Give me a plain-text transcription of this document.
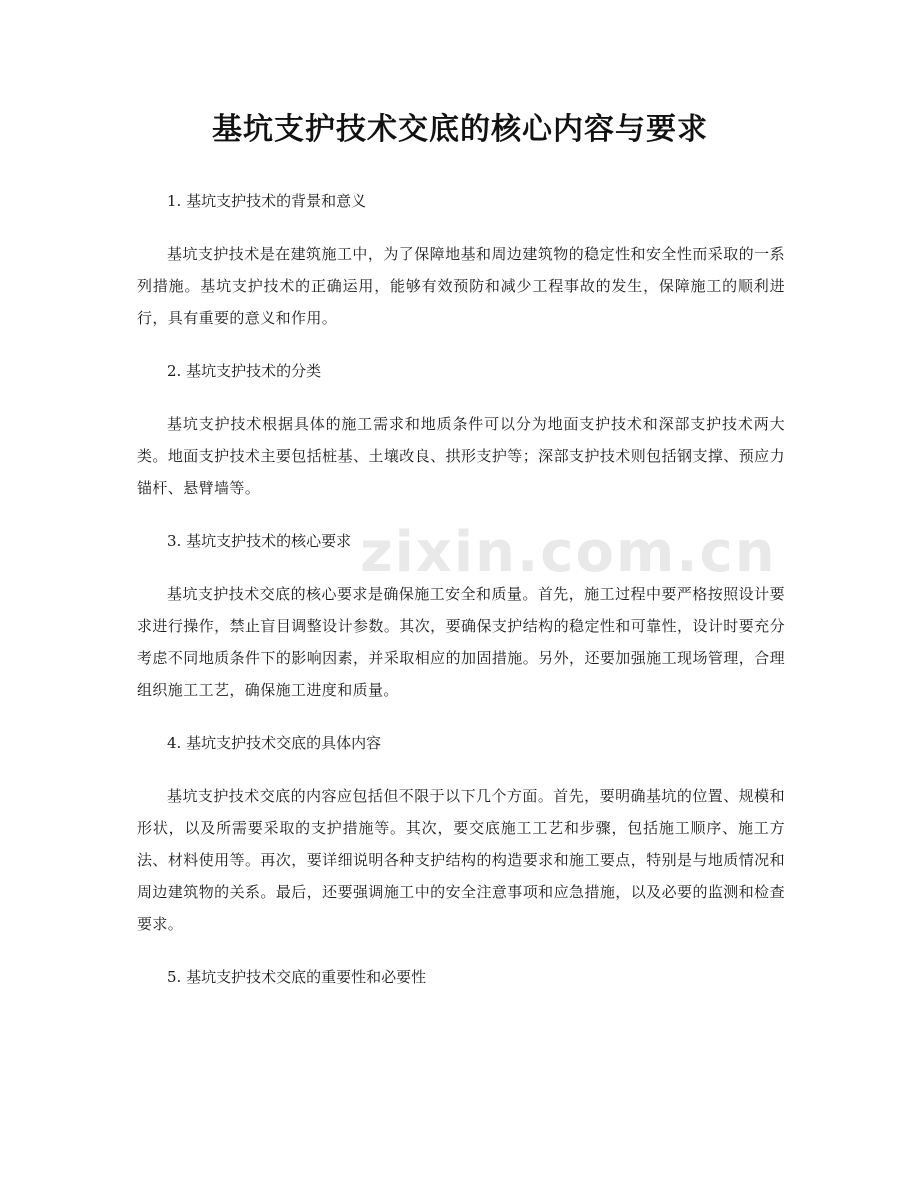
zixin.com.cn
基坑支护技术交底的核心内容与要求

1. 基坑支护技术的背景和意义

基坑支护技术是在建筑施工中，为了保障地基和周边建筑物的稳定性和安全性而采取的一系列措施。基坑支护技术的正确运用，能够有效预防和减少工程事故的发生，保障施工的顺利进行，具有重要的意义和作用。

2. 基坑支护技术的分类

基坑支护技术根据具体的施工需求和地质条件可以分为地面支护技术和深部支护技术两大类。地面支护技术主要包括桩基、土壤改良、拱形支护等；深部支护技术则包括钢支撑、预应力锚杆、悬臂墙等。

3. 基坑支护技术的核心要求

基坑支护技术交底的核心要求是确保施工安全和质量。首先，施工过程中要严格按照设计要求进行操作，禁止盲目调整设计参数。其次，要确保支护结构的稳定性和可靠性，设计时要充分考虑不同地质条件下的影响因素，并采取相应的加固措施。另外，还要加强施工现场管理，合理组织施工工艺，确保施工进度和质量。

4. 基坑支护技术交底的具体内容

基坑支护技术交底的内容应包括但不限于以下几个方面。首先，要明确基坑的位置、规模和形状，以及所需要采取的支护措施等。其次，要交底施工工艺和步骤，包括施工顺序、施工方法、材料使用等。再次，要详细说明各种支护结构的构造要求和施工要点，特别是与地质情况和周边建筑物的关系。最后，还要强调施工中的安全注意事项和应急措施，以及必要的监测和检查要求。

5. 基坑支护技术交底的重要性和必要性
